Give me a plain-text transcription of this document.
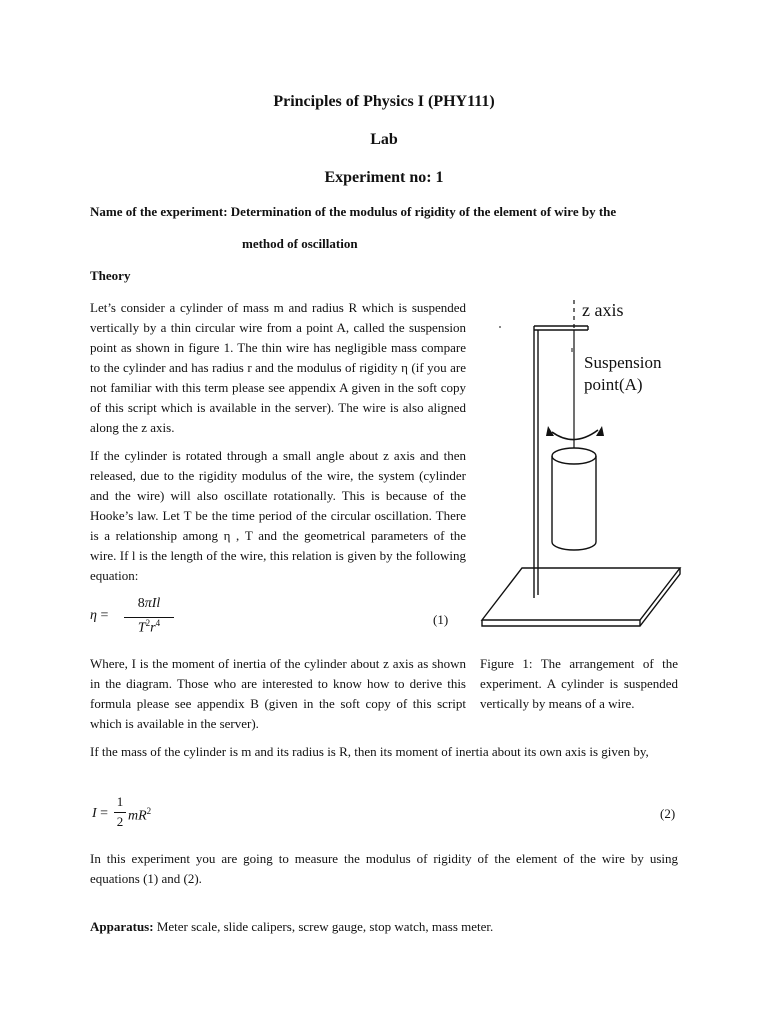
Principles of Physics I (PHY111)
Lab
Experiment no: 1
Name of the experiment: Determination of the modulus of rigidity of the element of wire by the
method of oscillation
Theory
Let’s consider a cylinder of mass m and radius R which is suspended vertically by a thin circular wire from a point A, called the suspension point as shown in figure 1. The thin wire has negligible mass compare to the cylinder and has radius r and the modulus of rigidity η (if you are not familiar with this term please see appendix A given in the soft copy of this script which is available in the server). The wire is also aligned along the z axis.
If the cylinder is rotated through a small angle about z axis and then released, due to the rigidity modulus of the wire, the system (cylinder and the wire) will also oscillate rotationally. This is because of the Hooke’s law. Let T be the time period of the circular oscillation. There is a relationship among η , T and the geometrical parameters of the wire. If l is the length of the wire, this relation is given by the following equation:
η =
8πIl
$T^2r^4$	(1)
Where, I is the moment of inertia of the cylinder about z axis as shown in the diagram. Those who are interested to know how to derive this formula please see appendix B (given in the soft copy of this script which is available in the server).
z axis
Suspension
point(A)
Figure 1: The arrangement of the experiment. A cylinder is suspended vertically by means of a wire.
If the mass of the cylinder is m and its radius is R, then its moment of inertia about its own axis is given by,
I =
1
2 $mR^2$	(2)
In this experiment you are going to measure the modulus of rigidity of the element of the wire by using equations (1) and (2).
Apparatus: Meter scale, slide calipers, screw gauge, stop watch, mass meter.
